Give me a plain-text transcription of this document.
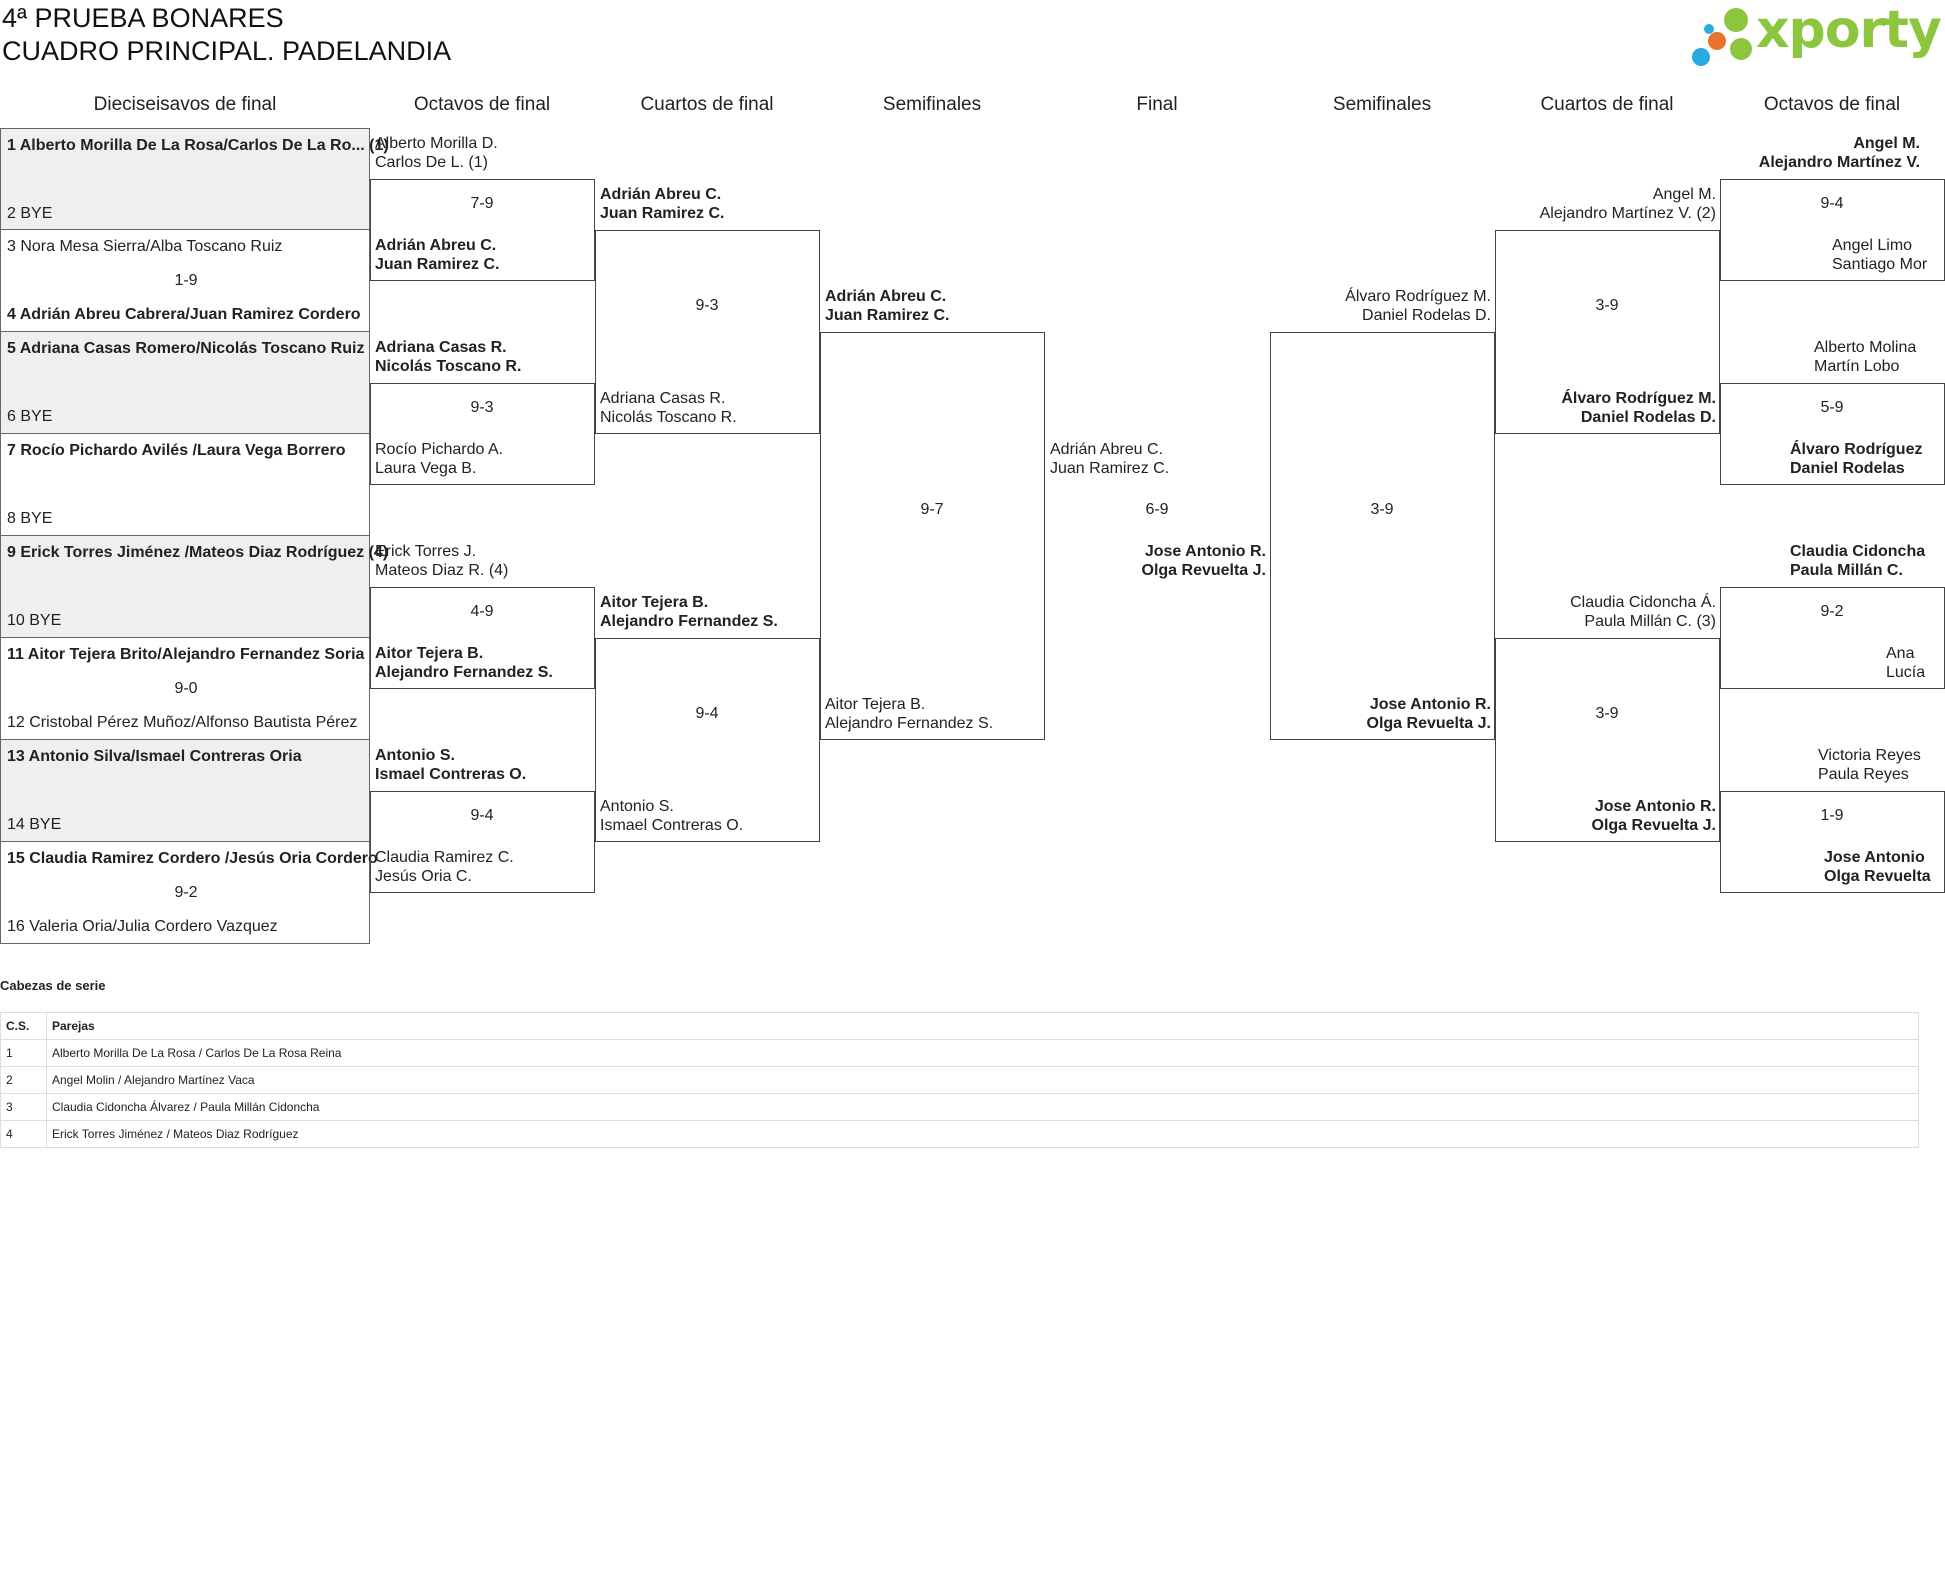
4ª PRUEBA BONARES
CUADRO PRINCIPAL. PADELANDIA	xporty
Dieciseisavos de final	Octavos de final	Cuartos de final	Semifinales	Final	Semifinales	Cuartos de final	Octavos de final
1 Alberto Morilla De La Rosa/Carlos De La Ro... (1)
2 BYE
3 Nora Mesa Sierra/Alba Toscano Ruiz
1-9
4 Adrián Abreu Cabrera/Juan Ramirez Cordero
5 Adriana Casas Romero/Nicolás Toscano Ruiz
6 BYE
7 Rocío Pichardo Avilés /Laura Vega Borrero
8 BYE
9 Erick Torres Jiménez /Mateos Diaz Rodríguez (4)
10 BYE
11 Aitor Tejera Brito/Alejandro Fernandez Soria
9-0
12 Cristobal Pérez Muñoz/Alfonso Bautista Pérez
13 Antonio Silva/Ismael Contreras Oria
14 BYE
15 Claudia Ramirez Cordero /Jesús Oria Cordero
9-2
16 Valeria Oria/Julia Cordero Vazquez
Alberto Morilla D.
Carlos De L. (1)
Adrián Abreu C.
Juan Ramirez C.
Adriana Casas R.
Nicolás Toscano R.
Rocío Pichardo A.
Laura Vega B.
Erick Torres J.
Mateos Diaz R. (4)
Aitor Tejera B.
Alejandro Fernandez S.
Antonio S.
Ismael Contreras O.
Claudia Ramirez C.
Jesús Oria C.
7-9
9-3
4-9
9-4
Adrián Abreu C.
Juan Ramirez C.
Adriana Casas R.
Nicolás Toscano R.
Aitor Tejera B.
Alejandro Fernandez S.
Antonio S.
Ismael Contreras O.
9-3
9-4
Adrián Abreu C.
Juan Ramirez C.
Aitor Tejera B.
Alejandro Fernandez S.
9-7
Adrián Abreu C.
Juan Ramirez C.
6-9
Jose Antonio R.
Olga Revuelta J.
Álvaro Rodríguez M.
Daniel Rodelas D.
Jose Antonio R.
Olga Revuelta J.
3-9
Angel M.
Alejandro Martínez V. (2)
Álvaro Rodríguez M.
Daniel Rodelas D.
Claudia Cidoncha Á.
Paula Millán C. (3)
Jose Antonio R.
Olga Revuelta J.
3-9
3-9
Angel M.
Alejandro Martínez V.
Angel Limo
Santiago Mor
Alberto Molina
Martín Lobo
Álvaro Rodríguez
Daniel Rodelas
Claudia Cidoncha
Paula Millán C.
Ana
Lucía
Victoria Reyes
Paula Reyes
Jose Antonio
Olga Revuelta
9-4
5-9
9-2
1-9
Cabezas de serie
C.S.	Parejas
1	Alberto Morilla De La Rosa / Carlos De La Rosa Reina
2	Angel Molin / Alejandro Martínez Vaca
3	Claudia Cidoncha Álvarez / Paula Millán Cidoncha
4	Erick Torres Jiménez / Mateos Diaz Rodríguez
